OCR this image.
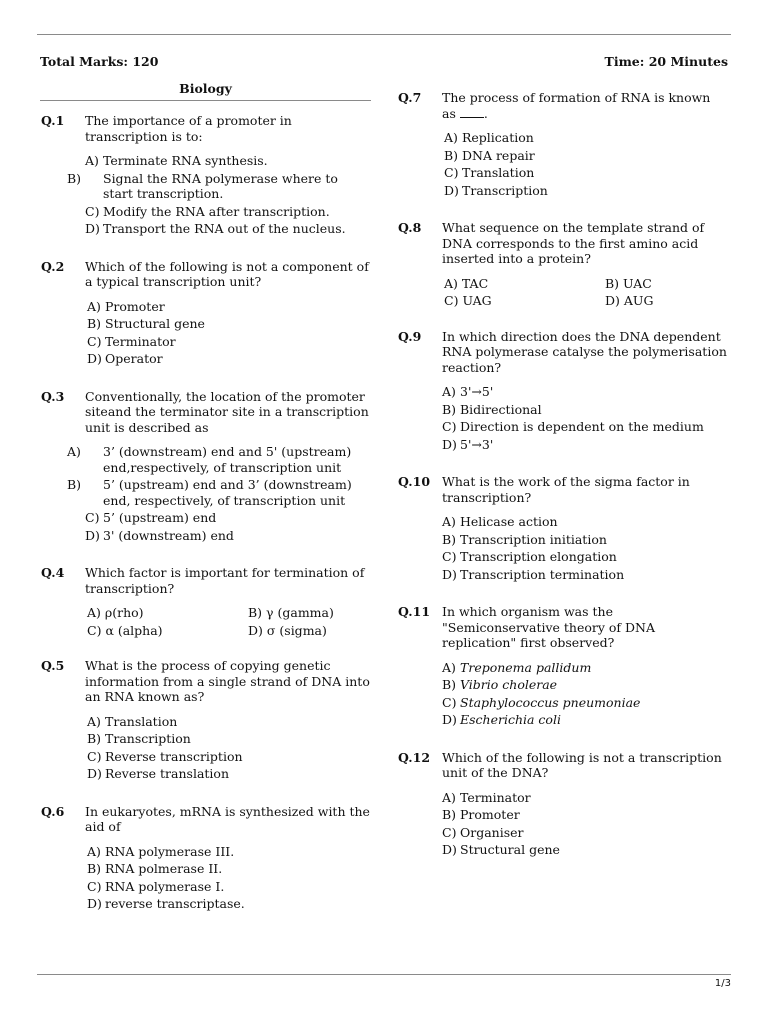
Total Marks: 120	Time: 20 Minutes
Biology
Q.1	The importance of a promoter in transcription is to:

A) Terminate RNA synthesis.
B) Signal the RNA polymerase where to start transcription.
C) Modify the RNA after transcription.
D) Transport the RNA out of the nucleus.
Q.2	Which of the following is not a component of a typical transcription unit?

A) Promoter
B) Structural gene
C) Terminator
D) Operator
Q.3	Conventionally, the location of the promoter siteand the terminator site in a transcription unit is described as

A) 3’ (downstream) end and 5' (upstream) end,respectively, of transcription unit
B) 5’ (upstream) end and 3’ (downstream) end, respectively, of transcription unit
C) 5’ (upstream) end
D) 3' (downstream) end
Q.4	Which factor is important for termination of transcription?

A) ρ(rho)	B) γ (gamma)
C) α (alpha)	D) σ (sigma)
Q.5	What is the process of copying genetic information from a single strand of DNA into an RNA known as?

A) Translation
B) Transcription
C) Reverse transcription
D) Reverse translation
Q.6	In eukaryotes, mRNA is synthesized with the aid of

A) RNA polymerase III.
B) RNA polmerase II.
C) RNA polymerase I.
D) reverse transcriptase.
Q.7	The process of formation of RNA is known as .

A) Replication
B) DNA repair
C) Translation
D) Transcription
Q.8	What sequence on the template strand of DNA corresponds to the first amino acid inserted into a protein?

A) TAC	B) UAC
C) UAG	D) AUG
Q.9	In which direction does the DNA dependent RNA polymerase catalyse the polymerisation reaction?

A) 3'→5'
B) Bidirectional
C) Direction is dependent on the medium
D) 5'→3'
Q.10 What is the work of the sigma factor in transcription?

A) Helicase action
B) Transcription initiation
C) Transcription elongation
D) Transcription termination
Q.11 In which organism was the "Semiconservative theory of DNA replication" first observed?

A) Treponema pallidum
B) Vibrio cholerae
C) Staphylococcus pneumoniae
D) Escherichia coli
Q.12 Which of the following is not a transcription unit of the DNA?

A) Terminator
B) Promoter
C) Organiser
D) Structural gene
1/3
